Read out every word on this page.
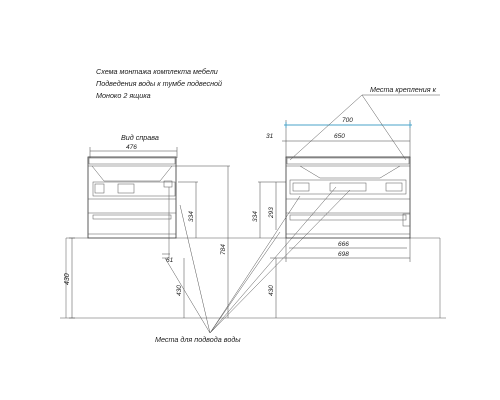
Схема монтажа комплекта мебели
Подведения воды к тумбе подвесной
Моноко 2 ящика
430
Вид справа
476
334
784
430
61
700
650
31
334 293
430
666
698
Места крепления к
Места для подвода воды
